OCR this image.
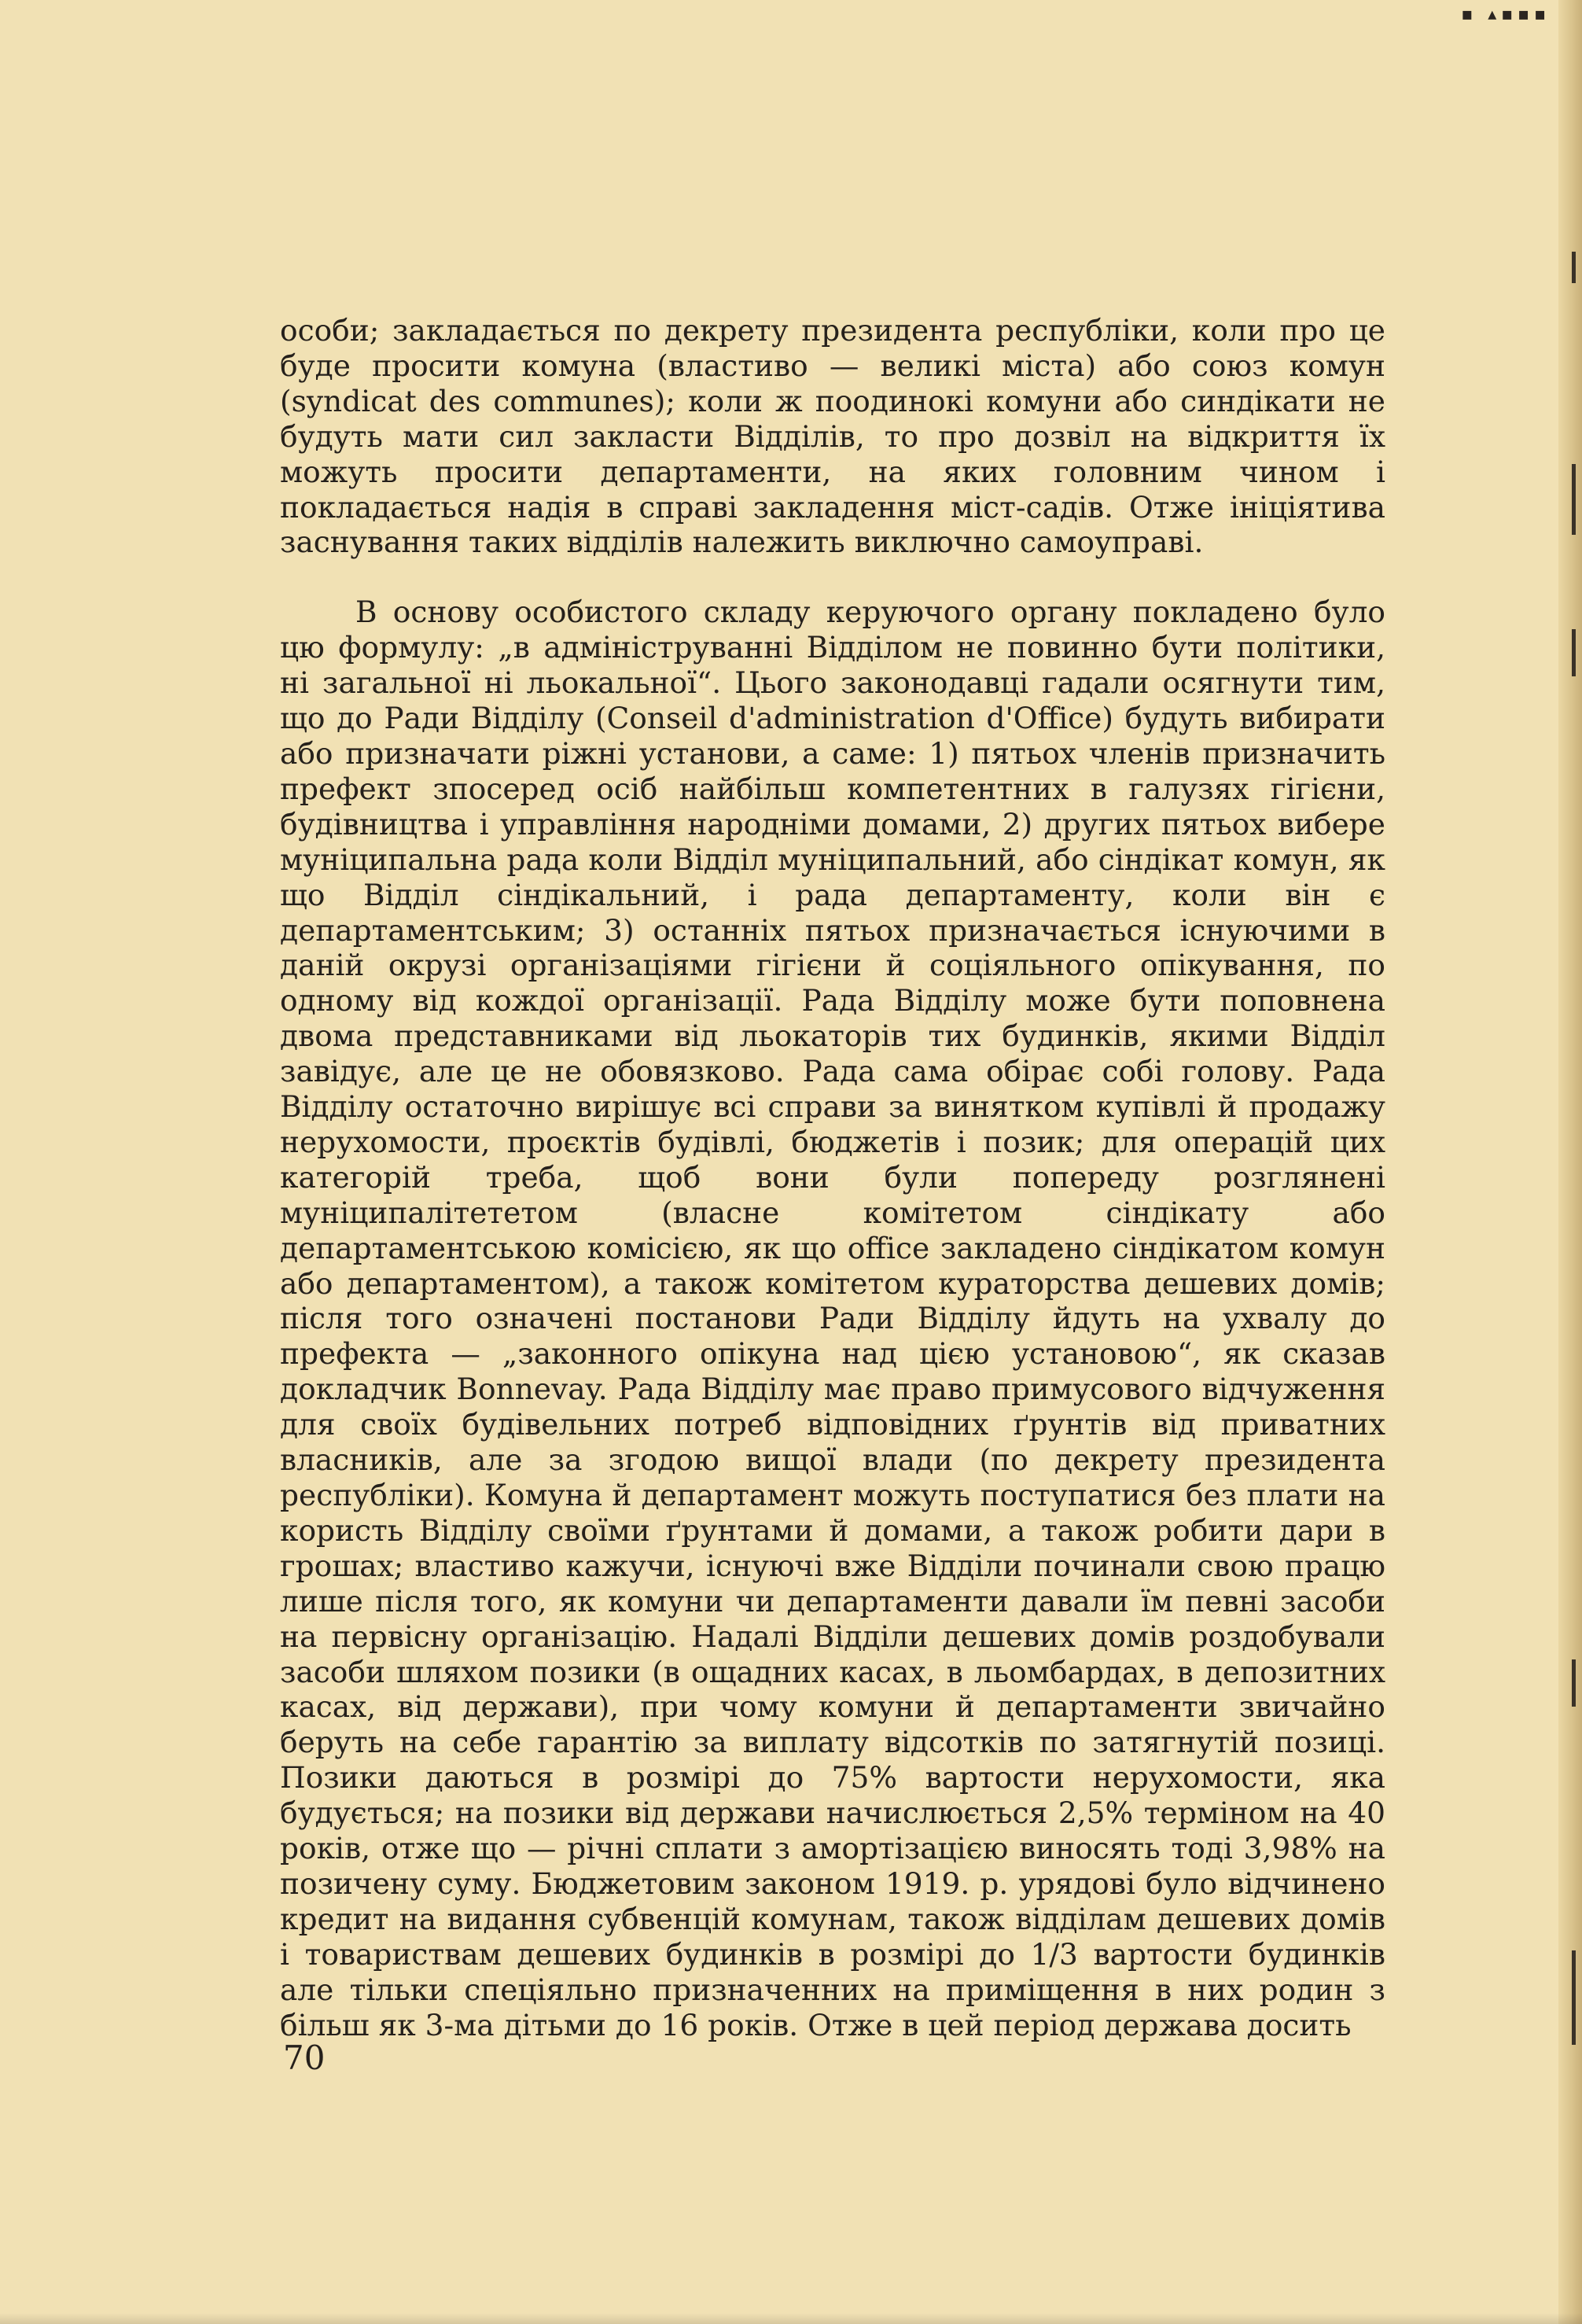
▪ ▴▪▪▪

особи; закладається по декрету президента республіки, коли про це буде просити комуна (властиво — великі міста) або союз комун (syndicat des communes); коли ж поодинокі комуни або синдікати не будуть мати сил закласти Відділів, то про дозвіл на відкриття їх можуть просити департаменти, на яких головним чином і покладається надія в справі закладення міст-садів. Отже ініціятива заснування таких відділів належить виключно самоуправі.

В основу особистого складу керуючого органу покладено було цю формулу: „в адміністpуванні Відділом не повинно бути політики, ні загальної ні льокальної“. Цього законодавці гадали осягнути тим, що до Ради Відділу (Conseil d'administration d'Office) будуть вибирати або призначати ріжні установи, а саме: 1) пятьох членів призначить префект зпосеред осіб найбільш компетентних в галузях гігієни, будівництва і управління народніми домами, 2) других пятьох вибере муніципальна рада коли Відділ муніципальний, або сiндікат комун, як що Відділ сiндікальний, і рада департаменту, коли він є департаментським; 3) останніх пятьох призначається існуючими в даній окрузі організаціями гігієни й соціяльного опікування, по одному від кождої організації. Рада Відділу може бути поповнена двома представниками від льокаторів тих будинків, якими Відділ завідує, але це не обовязково. Рада сама обірає собі голову. Рада Відділу остаточно вирішує всі справи за винятком купівлі й продажу нерухомости, проєктів будівлі, бюджетів і позик; для операцій цих категорій треба, щоб вони були попереду розглянені муніципалітететом (власне комітетом сiндікату або департаментською комісією, як що office закладено сiндікатом комун або департаментом), а також комітетом кураторства дешевих домів; після того означені постанови Ради Відділу йдуть на ухвалу до префекта — „законного опікуна над цією установою“, як сказав докладчик Bonnevay. Рада Відділу має право примусового відчуження для своїх будівельних потреб відповідних ґрунтів від приватних власників, але за згодою вищої влади (по декрету президента республіки). Комуна й департамент можуть поступатися без плати на користь Відділу своїми ґрунтами й домами, а також робити дари в грошах; властиво кажучи, існуючі вже Відділи починали свою працю лише після того, як комуни чи департаменти давали їм певні засоби на первісну організацію. Надалі Відділи дешевих домів роздобували засоби шляхом позики (в ощадних касах, в льомбардах, в депозитних касах, від держави), при чому комуни й департаменти звичайно беруть на себе гарантію за виплату відсотків по затягнутій позиці. Позики даються в розмірі до 75% вартости нерухомости, яка будується; на позики від держави начислюється 2,5% терміном на 40 років, отже що — річні сплати з амортізацією виносять тоді 3,98% на позичену суму. Бюджетовим законом 1919. р. урядові було відчинено кредит на видання субвенцій комунам, також відділам дешевих домів і товариствам дешевих будинків в розмірі до 1/3 вартости будинків але тільки спеціяльно призначенних на приміщення в них родин з більш як 3-ма дітьми до 16 років. Отже в цей період держава досить

70
